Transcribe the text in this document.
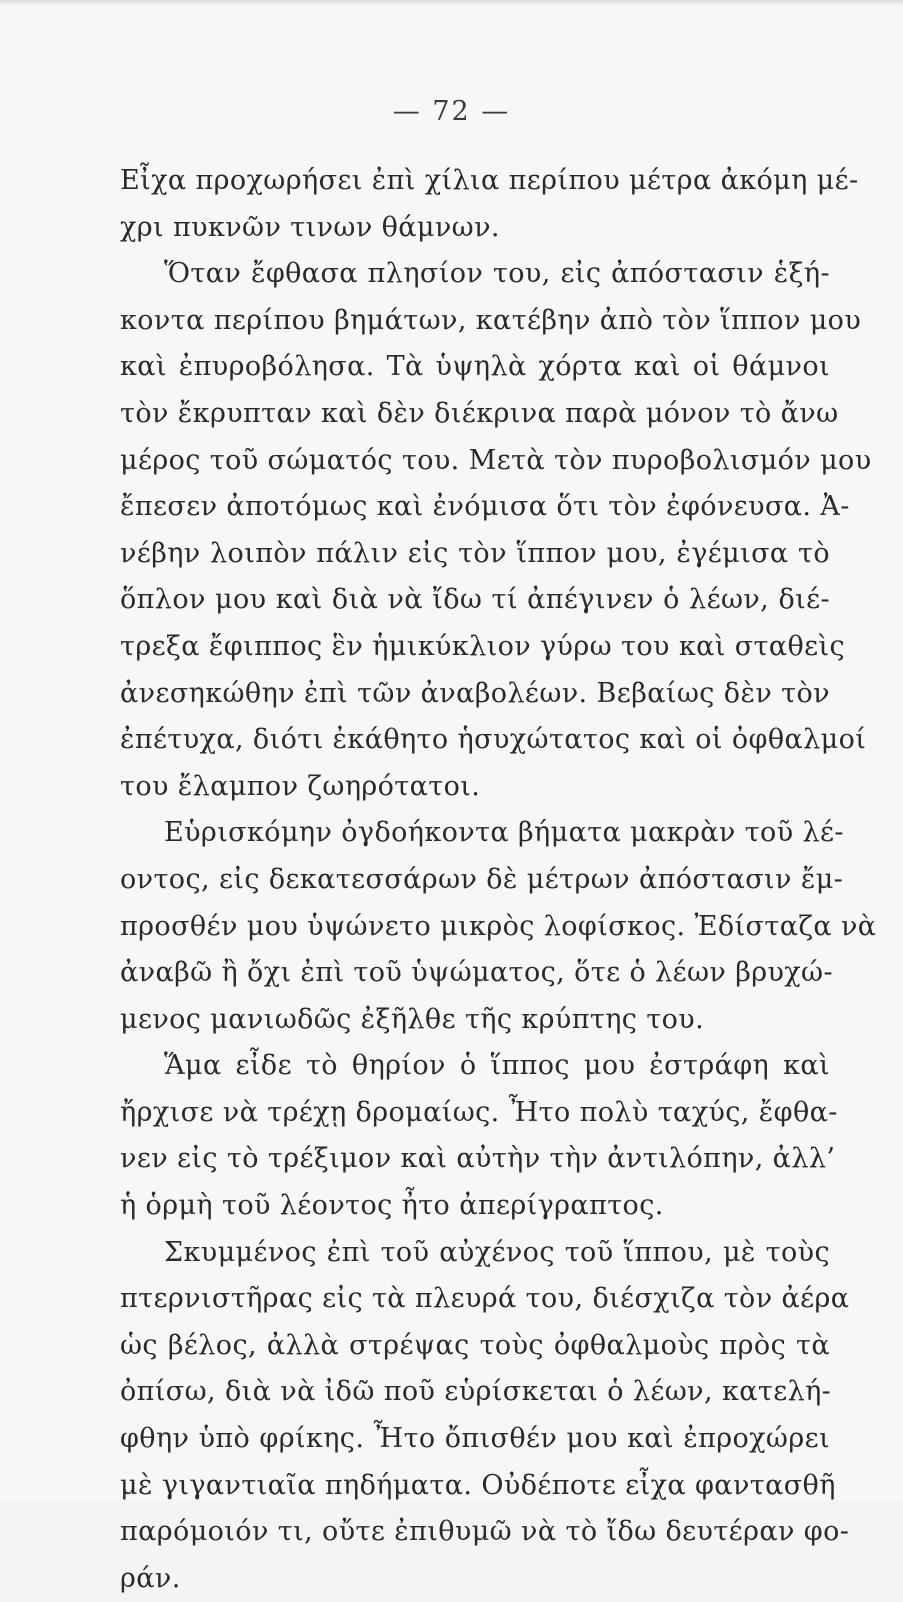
— 72 —
Εἶχα προχωρήσει ἐπὶ χίλια περίπου μέτρα ἀκόμη μέ-
χρι πυκνῶν τινων θάμνων.
Ὅταν ἔφθασα πλησίον του, εἰς ἀπόστασιν ἑξή-
κοντα περίπου βημάτων, κατέβην ἀπὸ τὸν ἵππον μου
καὶ ἐπυροβόλησα. Τὰ ὑψηλὰ χόρτα καὶ οἱ θάμνοι
τὸν ἔκρυπταν καὶ δὲν διέκρινα παρὰ μόνον τὸ ἄνω
μέρος τοῦ σώματός του. Μετὰ τὸν πυροβολισμόν μου
ἔπεσεν ἀποτόμως καὶ ἐνόμισα ὅτι τὸν ἐφόνευσα. Ἀ-
νέβην λοιπὸν πάλιν εἰς τὸν ἵππον μου, ἐγέμισα τὸ
ὅπλον μου καὶ διὰ νὰ ἴδω τί ἀπέγινεν ὁ λέων, διέ-
τρεξα ἔφιππος ἓν ἡμικύκλιον γύρω του καὶ σταθεὶς
ἀνεσηκώθην ἐπὶ τῶν ἀναβολέων. Βεβαίως δὲν τὸν
ἐπέτυχα, διότι ἐκάθητο ἡσυχώτατος καὶ οἱ ὀφθαλμοί
του ἔλαμπον ζωηρότατοι.
Εὑρισκόμην ὀγδοήκοντα βήματα μακρὰν τοῦ λέ-
οντος, εἰς δεκατεσσάρων δὲ μέτρων ἀπόστασιν ἔμ-
προσθέν μου ὑψώνετο μικρὸς λοφίσκος. Ἐδίσταζα νὰ
ἀναβῶ ἢ ὄχι ἐπὶ τοῦ ὑψώματος, ὅτε ὁ λέων βρυχώ-
μενος μανιωδῶς ἐξῆλθε τῆς κρύπτης του.
Ἅμα εἶδε τὸ θηρίον ὁ ἵππος μου ἐστράφη καὶ
ἤρχισε νὰ τρέχῃ δρομαίως. Ἦτο πολὺ ταχύς, ἔφθα-
νεν εἰς τὸ τρέξιμον καὶ αὐτὴν τὴν ἀντιλόπην, ἀλλ’
ἡ ὁρμὴ τοῦ λέοντος ἦτο ἀπερίγραπτος.
Σκυμμένος ἐπὶ τοῦ αὐχένος τοῦ ἵππου, μὲ τοὺς
πτερνιστῆρας εἰς τὰ πλευρά του, διέσχιζα τὸν ἀέρα
ὡς βέλος, ἀλλὰ στρέψας τοὺς ὀφθαλμοὺς πρὸς τὰ
ὀπίσω, διὰ νὰ ἰδῶ ποῦ εὑρίσκεται ὁ λέων, κατελή-
φθην ὑπὸ φρίκης. Ἦτο ὄπισθέν μου καὶ ἐπροχώρει
μὲ γιγαντιαῖα πηδήματα. Οὐδέποτε εἶχα φαντασθῆ
παρόμοιόν τι, οὔτε ἐπιθυμῶ νὰ τὸ ἴδω δευτέραν φο-
ράν.
